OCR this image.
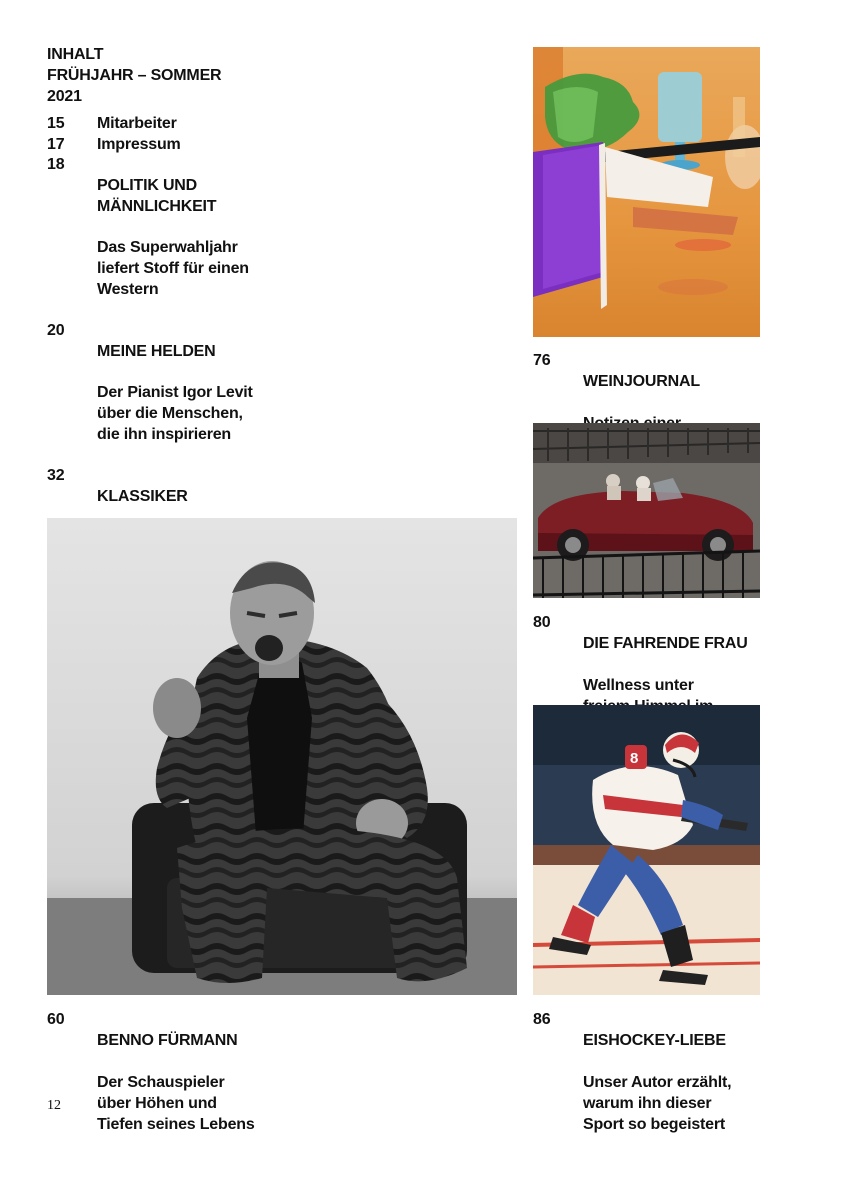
INHALT
FRÜHJAHR – SOMMER
2021
15	Mitarbeiter
17	Impressum
18

POLITIK UND
MÄNNLICHKEIT

Das Superwahljahr
liefert Stoff für einen
Western

20

MEINE HELDEN

Der Pianist Igor Levit
über die Menschen,
die ihn inspirieren

32

KLASSIKER

76

WEINJOURNAL

80

DIE FAHRENDE FRAU

Wellness unter

8
60

BENNO FÜRMANN

Der Schauspieler
über Höhen und
Tiefen seines Lebens

86

EISHOCKEY-LIEBE

Unser Autor erzählt,
warum ihn dieser
Sport so begeistert

12
